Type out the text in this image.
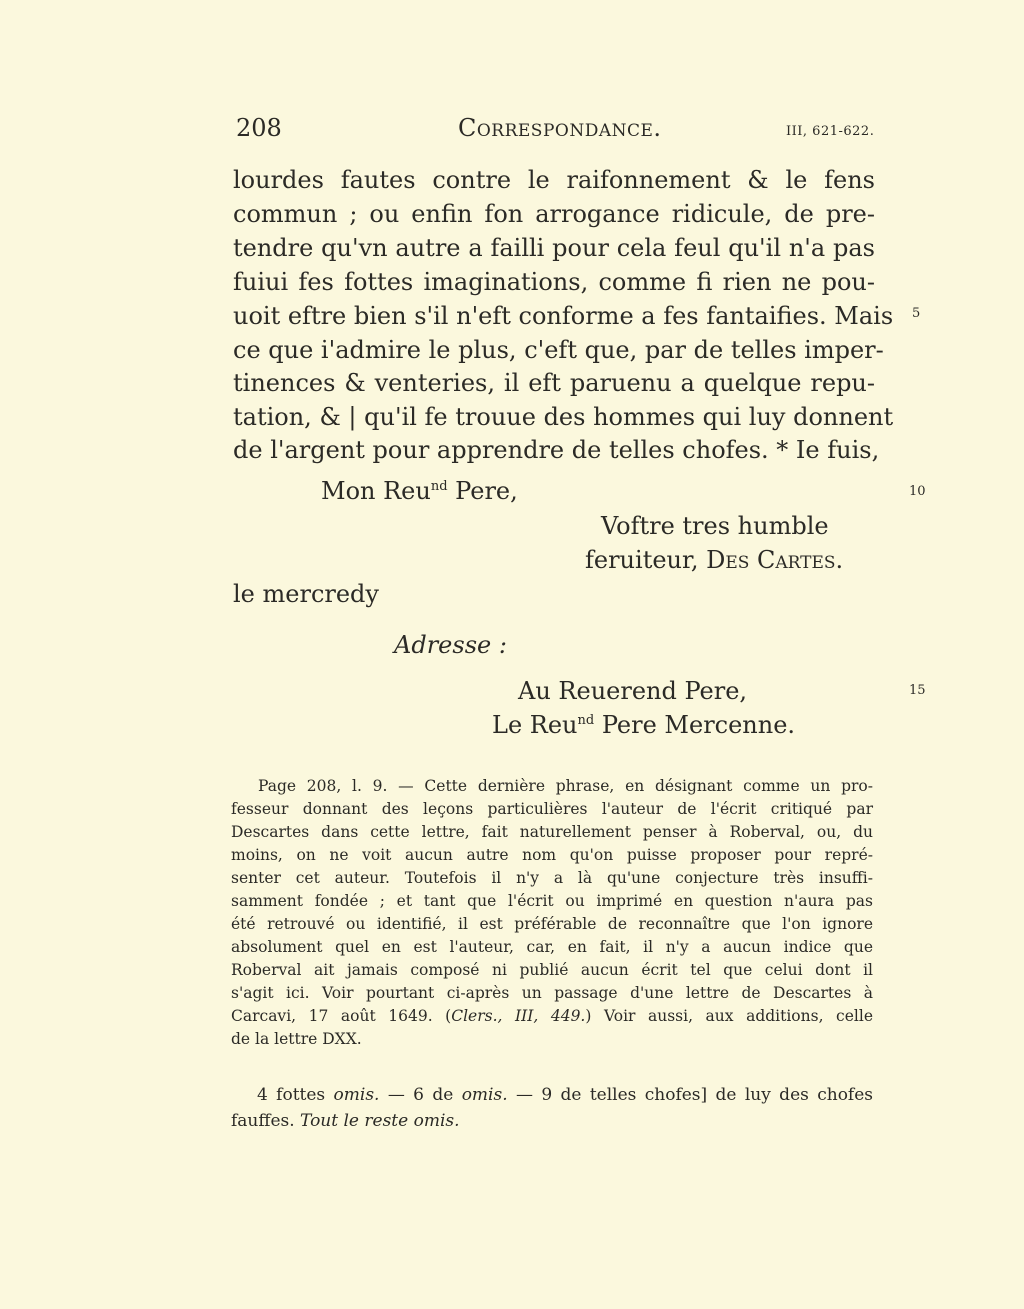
208	Correspondance.	III, 621-622.
lourdes fautes contre le raifonnement & le fens
commun ; ou enfin fon arrogance ridicule, de pre-
tendre qu'vn autre a failli pour cela feul qu'il n'a pas
fuiui fes fottes imaginations, comme fi rien ne pou-
uoit eftre bien s'il n'eft conforme a fes fantaifies. Mais
ce que i'admire le plus, c'eft que, par de telles imper-
tinences & venteries, il eft paruenu a quelque repu-
tation, & | qu'il fe trouue des hommes qui luy donnent
de l'argent pour apprendre de telles chofes. * Ie fuis,
5
10
15
Mon Reu$^{nd}$ Pere,
Voftre tres humble
feruiteur, Des Cartes.
le mercredy
Adresse :
Au Reuerend Pere,
Le Reu$^{nd}$ Pere Mercenne.
Page 208, l. 9. — Cette dernière phrase, en désignant comme un pro-
fesseur donnant des leçons particulières l'auteur de l'écrit critiqué par
Descartes dans cette lettre, fait naturellement penser à Roberval, ou, du
moins, on ne voit aucun autre nom qu'on puisse proposer pour repré-
senter cet auteur. Toutefois il n'y a là qu'une conjecture très insuffi-
samment fondée ; et tant que l'écrit ou imprimé en question n'aura pas
été retrouvé ou identifié, il est préférable de reconnaître que l'on ignore
absolument quel en est l'auteur, car, en fait, il n'y a aucun indice que
Roberval ait jamais composé ni publié aucun écrit tel que celui dont il
s'agit ici. Voir pourtant ci-après un passage d'une lettre de Descartes à
Carcavi, 17 août 1649. (Clers., III, 449.) Voir aussi, aux additions, celle
de la lettre DXX.
4 fottes omis. — 6 de omis. — 9 de telles chofes] de luy des chofes
fauffes. Tout le reste omis.
